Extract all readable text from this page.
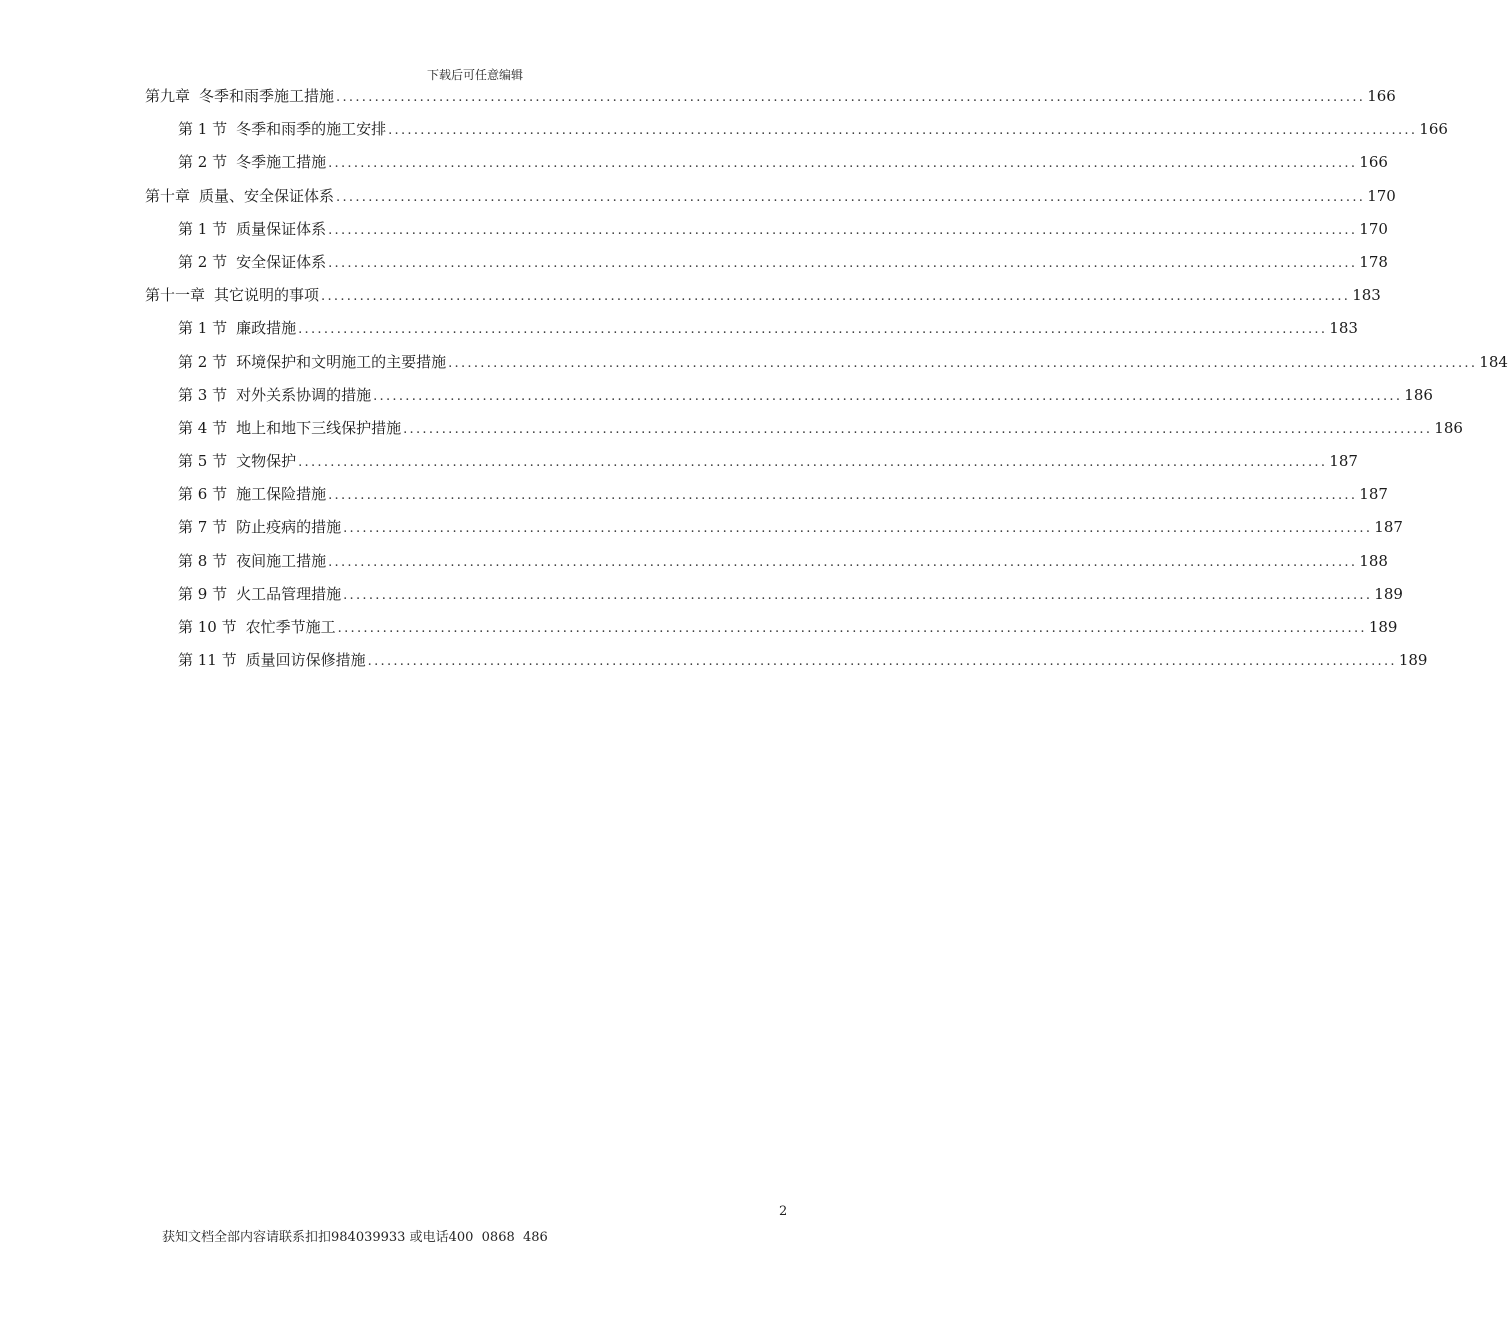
下载后可任意编辑
第九章 冬季和雨季施工措施 ................................................................................................................................................................ 166
第 1 节 冬季和雨季的施工安排 ................................................................................................................................................................ 166
第 2 节 冬季施工措施 ................................................................................................................................................................ 166
第十章 质量、安全保证体系 ................................................................................................................................................................ 170
第 1 节 质量保证体系 ................................................................................................................................................................ 170
第 2 节 安全保证体系 ................................................................................................................................................................ 178
第十一章 其它说明的事项 ................................................................................................................................................................ 183
第 1 节 廉政措施 ................................................................................................................................................................ 183
第 2 节 环境保护和文明施工的主要措施 ................................................................................................................................................................ 184
第 3 节 对外关系协调的措施 ................................................................................................................................................................ 186
第 4 节 地上和地下三线保护措施 ................................................................................................................................................................ 186
第 5 节 文物保护 ................................................................................................................................................................ 187
第 6 节 施工保险措施 ................................................................................................................................................................ 187
第 7 节 防止疫病的措施 ................................................................................................................................................................ 187
第 8 节 夜间施工措施 ................................................................................................................................................................ 188
第 9 节 火工品管理措施 ................................................................................................................................................................ 189
第 10 节 农忙季节施工 ................................................................................................................................................................ 189
第 11 节 质量回访保修措施 ................................................................................................................................................................ 189
2
获知文档全部内容请联系扣扣984039933 或电话400  0868  486
